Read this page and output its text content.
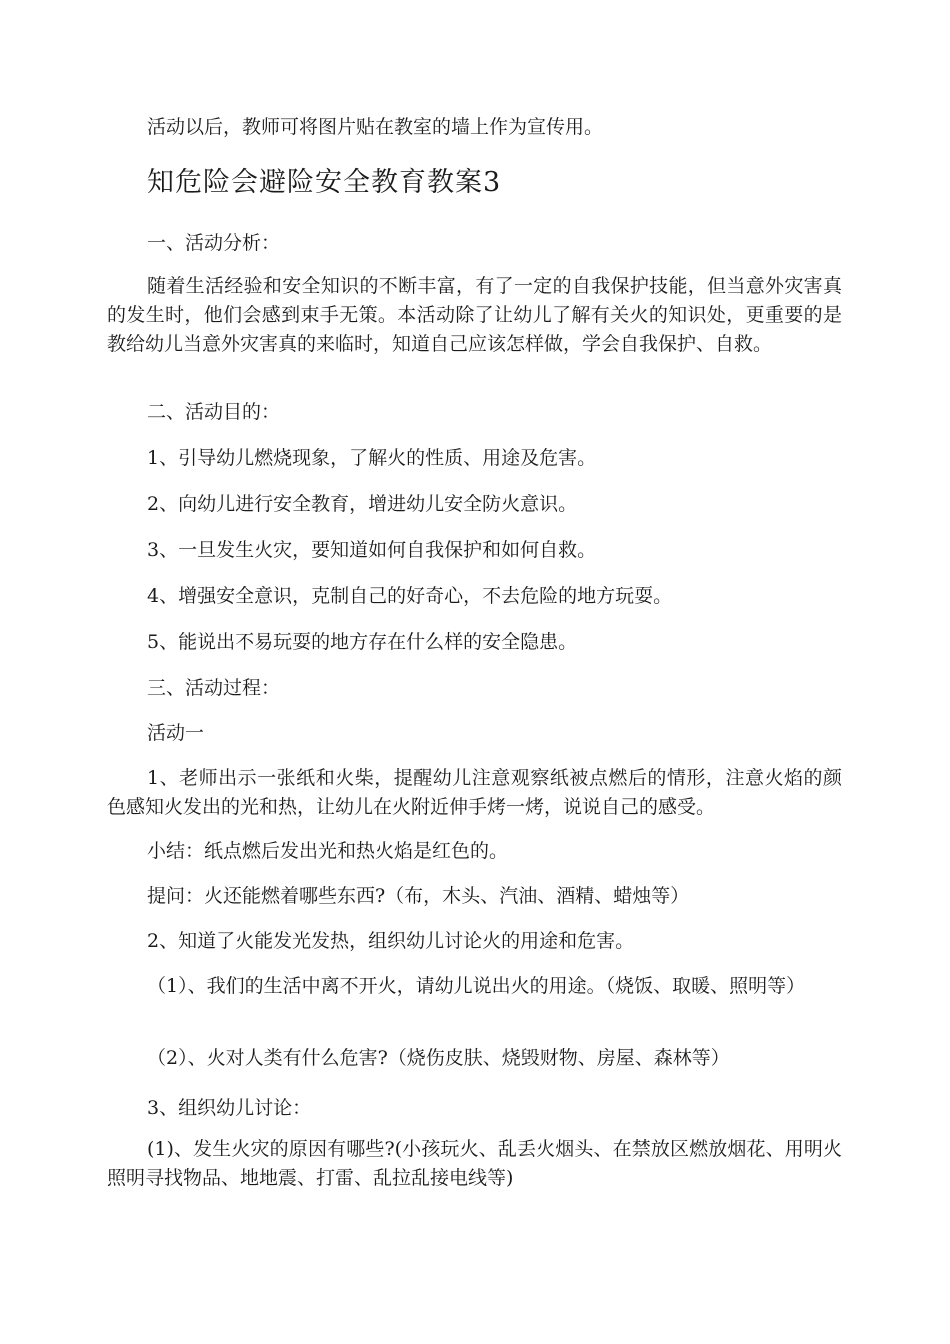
活动以后，教师可将图片贴在教室的墙上作为宣传用。

知危险会避险安全教育教案3

一、活动分析：

随着生活经验和安全知识的不断丰富，有了一定的自我保护技能，但当意外灾害真的发生时，他们会感到束手无策。本活动除了让幼儿了解有关火的知识处，更重要的是教给幼儿当意外灾害真的来临时，知道自己应该怎样做，学会自我保护、自救。

二、活动目的：

1、引导幼儿燃烧现象，了解火的性质、用途及危害。

2、向幼儿进行安全教育，增进幼儿安全防火意识。

3、一旦发生火灾，要知道如何自我保护和如何自救。

4、增强安全意识，克制自己的好奇心，不去危险的地方玩耍。

5、能说出不易玩耍的地方存在什么样的安全隐患。

三、活动过程：

活动一

1、老师出示一张纸和火柴，提醒幼儿注意观察纸被点燃后的情形，注意火焰的颜色感知火发出的光和热，让幼儿在火附近伸手烤一烤，说说自己的感受。

小结：纸点燃后发出光和热火焰是红色的。

提问：火还能燃着哪些东西?（布，木头、汽油、酒精、蜡烛等）

2、知道了火能发光发热，组织幼儿讨论火的用途和危害。

（1）、我们的生活中离不开火，请幼儿说出火的用途。（烧饭、取暖、照明等）

（2）、火对人类有什么危害?（烧伤皮肤、烧毁财物、房屋、森林等）

3、组织幼儿讨论：

(1)、发生火灾的原因有哪些?(小孩玩火、乱丢火烟头、在禁放区燃放烟花、用明火照明寻找物品、地地震、打雷、乱拉乱接电线等)
